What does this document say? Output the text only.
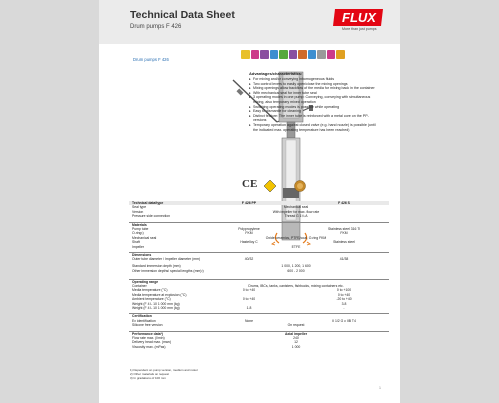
Technical Data Sheet
Drum pumps F 426
FLUX
More than just pumps
Drum pumps F 426
Advantages/characteristics:
▸ For mixing and/or conveying inhomogeneous fluids
▸ Two control levers to easily open/close the mixing openings
▸ Mixing openings allow backflow of the media for mixing back in the container
▸ With mechanical seal for inner tube seal
▸ 3 operating modes in one pump: Conveying, conveying with simultaneous mixing, also temporary mixed operation
▸ Switching operating modes is possible while operating
▸ Easy to dismantle for cleaning
▸ Distinct feature: The inner tube is reinforced with a metal core on the PP-versions
▸ Temporary operation against closed valve (e.g. hand nozzle) is possible (until the indicated max. operating temperature has been reached)
CE
Technical data/type	F 426 PP	F 426 S
Seal type	Mechanical seal
Version	With impeller for max. flow rate
Pressure side connection	Thread G 1¼ A
Materials
Pump tube	Polypropylene	Stainless steel 316 Ti
O-ring¹)	FKM	FKM
Mechanical seal	Oxide ceramics, PTFE/coal, O-ring FKM
Shaft	Hastelloy C	Stainless steel
Impeller	ETFE
Dimensions
Outer tube diameter / Impeller diameter (mm)	40/32	41/38
Standard immersion depth (mm)	1 000, 1 200, 1 600
Other immersion depths/ special lengths (mm)²)	600 - 2 000
Operating range
Container	Drums, IBCs, tanks, canisters, fishbucks, mixing containers etc.
Media temperature (°C)	0 to +40	0 to +100
Media temperature at explosion (°C)	0 to +40
Ambient temperature (°C)	0 to +40	-20 to +40
Weight (F 4 L 10 1 000 mm (kg)	3.8
Weight (F 4 L 10 1 000 mm (kg)	1.8	-
Certification
Ex identification	None	II 1/2 G c IIB T4
Silicone free version	On request
Performance data³)	Axial impeller
Flow rate max. (l/min)	240
Delivery head max. (mwc)	12
Viscosity max. (mPas)	1 000
1) Dependent on pump version, medium and motor
2) Other materials on request
3) In gradations of 100 mm
1
